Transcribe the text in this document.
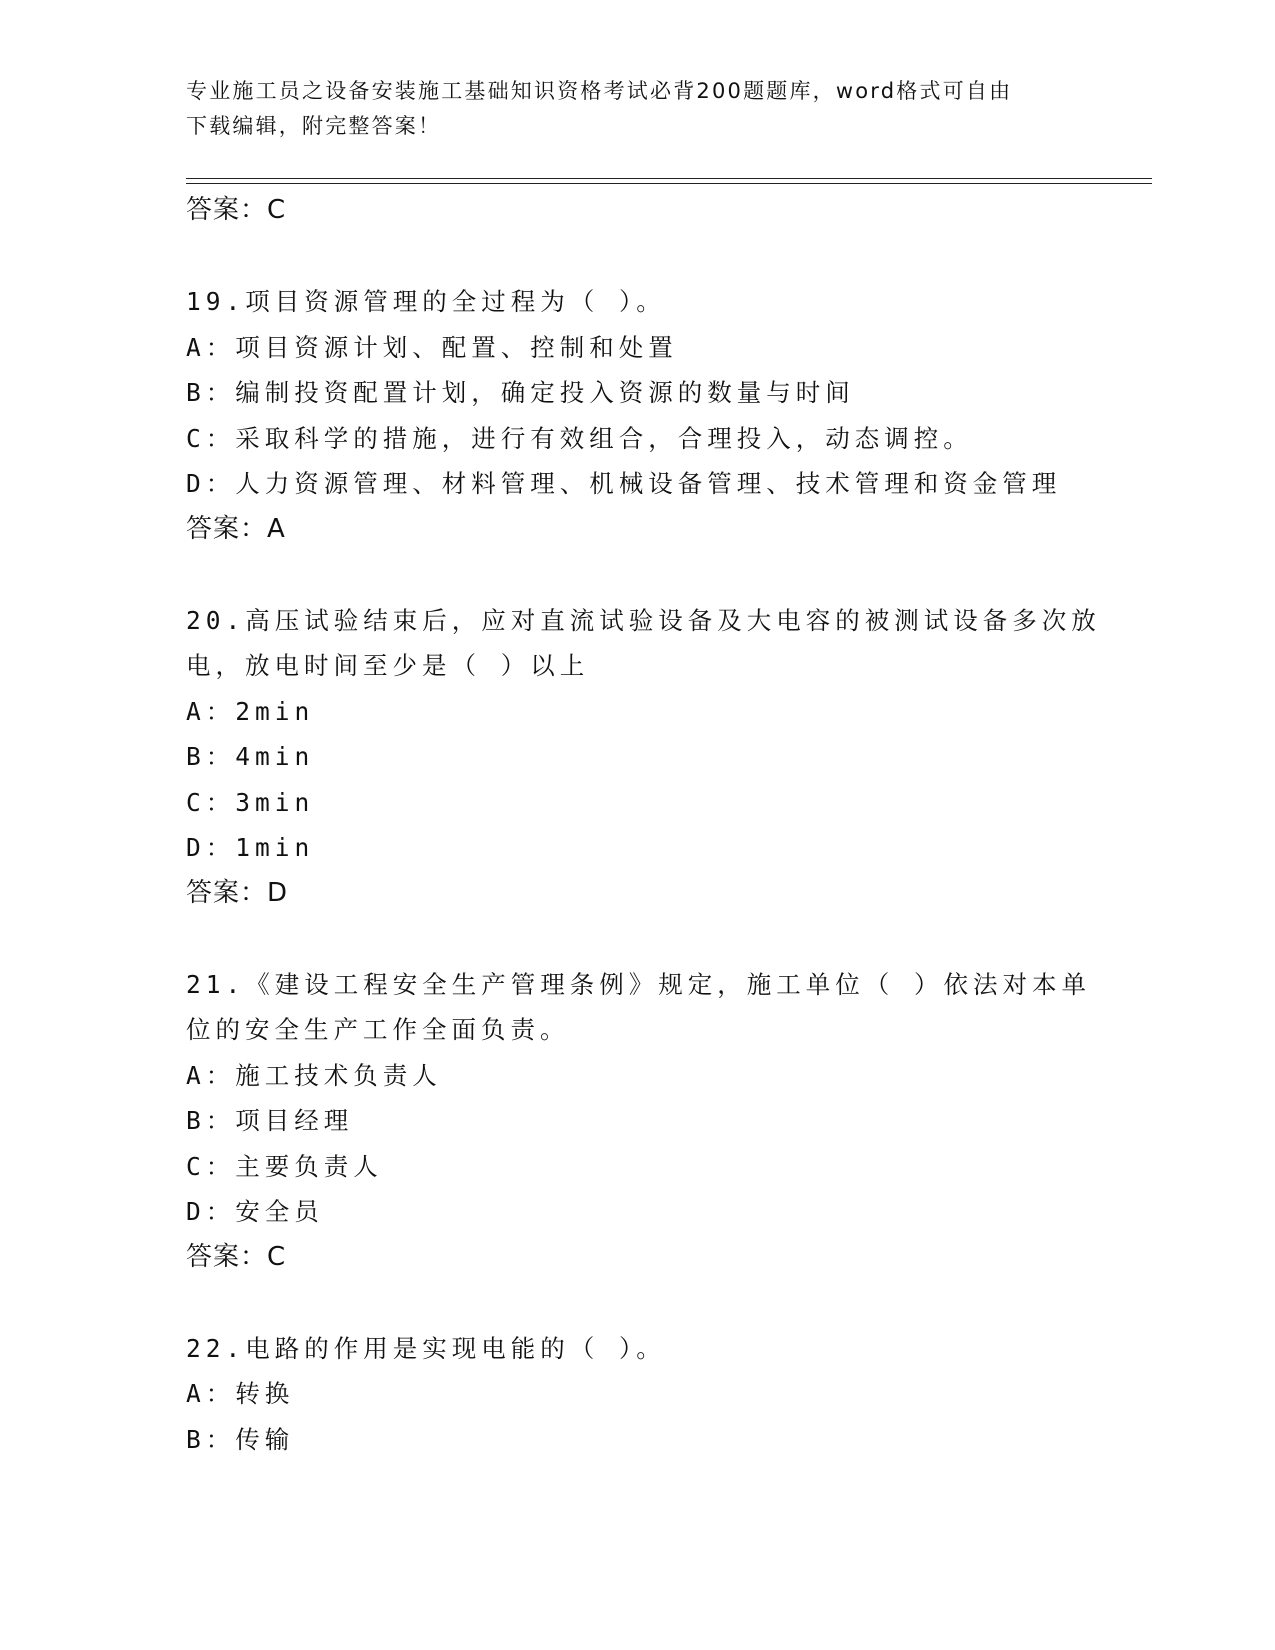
专业施工员之设备安装施工基础知识资格考试必背200题题库，word格式可自由
下载编辑，附完整答案！
答案：C
19.项目资源管理的全过程为（ ）。
A：项目资源计划、配置、控制和处置
B：编制投资配置计划，确定投入资源的数量与时间
C：采取科学的措施，进行有效组合，合理投入，动态调控。
D：人力资源管理、材料管理、机械设备管理、技术管理和资金管理
答案：A
20.高压试验结束后，应对直流试验设备及大电容的被测试设备多次放
电，放电时间至少是（ ）以上
A：2min
B：4min
C：3min
D：1min
答案：D
21.《建设工程安全生产管理条例》规定，施工单位（ ）依法对本单
位的安全生产工作全面负责。
A：施工技术负责人
B：项目经理
C：主要负责人
D：安全员
答案：C
22.电路的作用是实现电能的（ ）。
A：转换
B：传输
